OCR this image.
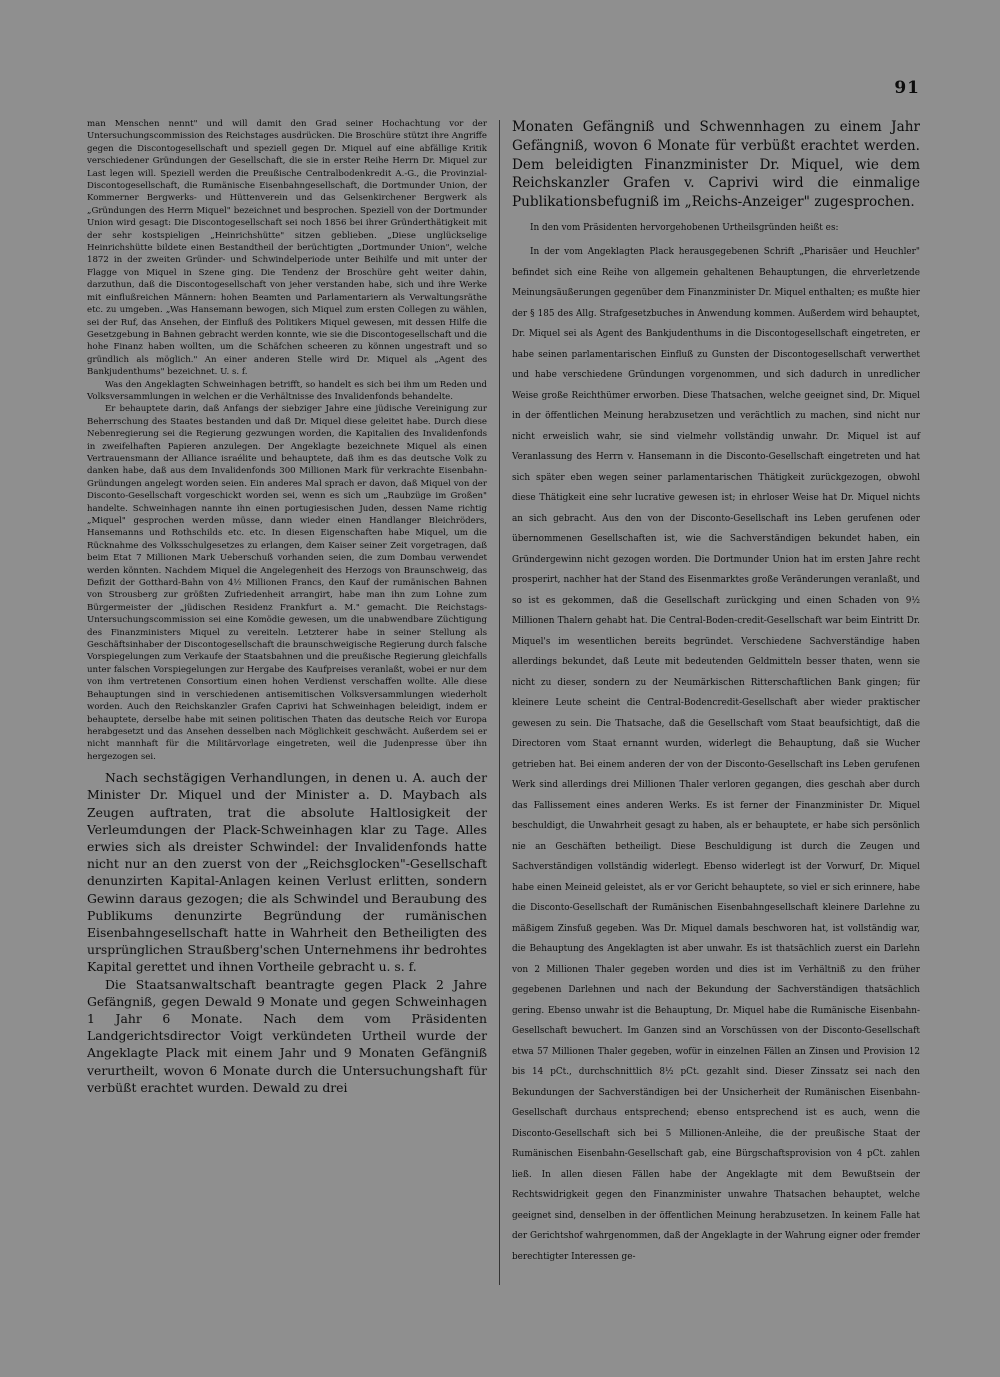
91

man Menschen nennt" und will damit den Grad seiner Hochachtung vor der Untersuchungscommission des Reichstages ausdrücken. Die Broschüre stützt ihre Angriffe gegen die Discontogesellschaft und speziell gegen Dr. Miquel auf eine abfällige Kritik verschiedener Gründungen der Gesellschaft, die sie in erster Reihe Herrn Dr. Miquel zur Last legen will. Speziell werden die Preußische Centralbodenkredit A.-G., die Provinzial-Discontogesellschaft, die Rumänische Eisenbahngesellschaft, die Dortmunder Union, der Kommerner Bergwerks- und Hüttenverein und das Gelsenkirchener Bergwerk als „Gründungen des Herrn Miquel" bezeichnet und besprochen. Speziell von der Dortmunder Union wird gesagt: Die Discontogesellschaft sei noch 1856 bei ihrer Gründerthätigkeit mit der sehr kostspieligen „Heinrichshütte" sitzen geblieben. „Diese unglückselige Heinrichshütte bildete einen Bestandtheil der berüchtigten „Dortmunder Union", welche 1872 in der zweiten Gründer- und Schwindelperiode unter Beihilfe und mit unter der Flagge von Miquel in Szene ging. Die Tendenz der Broschüre geht weiter dahin, darzuthun, daß die Discontogesellschaft von jeher verstanden habe, sich und ihre Werke mit einflußreichen Männern: hohen Beamten und Parlamentariern als Verwaltungsräthe etc. zu umgeben. „Was Hansemann bewogen, sich Miquel zum ersten Collegen zu wählen, sei der Ruf, das Ansehen, der Einfluß des Politikers Miquel gewesen, mit dessen Hilfe die Gesetzgebung in Bahnen gebracht werden konnte, wie sie die Discontogesellschaft und die hohe Finanz haben wollten, um die Schäfchen scheeren zu können ungestraft und so gründlich als möglich." An einer anderen Stelle wird Dr. Miquel als „Agent des Bankjudenthums" bezeichnet. U. s. f.

Was den Angeklagten Schweinhagen betrifft, so handelt es sich bei ihm um Reden und Volksversammlungen in welchen er die Verhältnisse des Invalidenfonds behandelte.

Er behauptete darin, daß Anfangs der siebziger Jahre eine jüdische Vereinigung zur Beherrschung des Staates bestanden und daß Dr. Miquel diese geleitet habe. Durch diese Nebenregierung sei die Regierung gezwungen worden, die Kapitalien des Invalidenfonds in zweifelhaften Papieren anzulegen. Der Angeklagte bezeichnete Miquel als einen Vertrauensmann der Alliance israélite und behauptete, daß ihm es das deutsche Volk zu danken habe, daß aus dem Invalidenfonds 300 Millionen Mark für verkrachte Eisenbahn-Gründungen angelegt worden seien. Ein anderes Mal sprach er davon, daß Miquel von der Disconto-Gesellschaft vorgeschickt worden sei, wenn es sich um „Raubzüge im Großen" handelte. Schweinhagen nannte ihn einen portugiesischen Juden, dessen Name richtig „Miquel" gesprochen werden müsse, dann wieder einen Handlanger Bleichröders, Hansemanns und Rothschilds etc. etc. In diesen Eigenschaften habe Miquel, um die Rücknahme des Volksschulgesetzes zu erlangen, dem Kaiser seiner Zeit vorgetragen, daß beim Etat 7 Millionen Mark Ueberschuß vorhanden seien, die zum Dombau verwendet werden könnten. Nachdem Miquel die Angelegenheit des Herzogs von Braunschweig, das Defizit der Gotthard-Bahn von 4½ Millionen Francs, den Kauf der rumänischen Bahnen von Strousberg zur größten Zufriedenheit arrangirt, habe man ihn zum Lohne zum Bürgermeister der „jüdischen Residenz Frankfurt a. M." gemacht. Die Reichstags-Untersuchungscommission sei eine Komödie gewesen, um die unabwendbare Züchtigung des Finanzministers Miquel zu vereiteln. Letzterer habe in seiner Stellung als Geschäftsinhaber der Discontogesellschaft die braunschweigische Regierung durch falsche Vorspiegelungen zum Verkaufe der Staatsbahnen und die preußische Regierung gleichfalls unter falschen Vorspiegelungen zur Hergabe des Kaufpreises veranlaßt, wobei er nur dem von ihm vertretenen Consortium einen hohen Verdienst verschaffen wollte. Alle diese Behauptungen sind in verschiedenen antisemitischen Volksversammlungen wiederholt worden. Auch den Reichskanzler Grafen Caprivi hat Schweinhagen beleidigt, indem er behauptete, derselbe habe mit seinen politischen Thaten das deutsche Reich vor Europa herabgesetzt und das Ansehen desselben nach Möglichkeit geschwächt. Außerdem sei er nicht mannhaft für die Militärvorlage eingetreten, weil die Judenpresse über ihn hergezogen sei.

Nach sechstägigen Verhandlungen, in denen u. A. auch der Minister Dr. Miquel und der Minister a. D. Maybach als Zeugen auftraten, trat die absolute Haltlosigkeit der Verleumdungen der Plack-Schweinhagen klar zu Tage. Alles erwies sich als dreister Schwindel: der Invalidenfonds hatte nicht nur an den zuerst von der „Reichsglocken"-Gesellschaft denunzirten Kapital-Anlagen keinen Verlust erlitten, sondern Gewinn daraus gezogen; die als Schwindel und Beraubung des Publikums denunzirte Begründung der rumänischen Eisenbahngesellschaft hatte in Wahrheit den Betheiligten des ursprünglichen Straußberg'schen Unternehmens ihr bedrohtes Kapital gerettet und ihnen Vortheile gebracht u. s. f.

Die Staatsanwaltschaft beantragte gegen Plack 2 Jahre Gefängniß, gegen Dewald 9 Monate und gegen Schweinhagen 1 Jahr 6 Monate. Nach dem vom Präsidenten Landgerichtsdirector Voigt verkündeten Urtheil wurde der Angeklagte Plack mit einem Jahr und 9 Monaten Gefängniß verurtheilt, wovon 6 Monate durch die Untersuchungshaft für verbüßt erachtet wurden. Dewald zu drei

Monaten Gefängniß und Schwennhagen zu einem Jahr Gefängniß, wovon 6 Monate für verbüßt erachtet werden. Dem beleidigten Finanzminister Dr. Miquel, wie dem Reichskanzler Grafen v. Caprivi wird die einmalige Publikationsbefugniß im „Reichs-Anzeiger" zugesprochen.

In den vom Präsidenten hervorgehobenen Urtheilsgründen heißt es:

In der vom Angeklagten Plack herausgegebenen Schrift „Pharisäer und Heuchler" befindet sich eine Reihe von allgemein gehaltenen Behauptungen, die ehrverletzende Meinungsäußerungen gegenüber dem Finanzminister Dr. Miquel enthalten; es mußte hier der § 185 des Allg. Strafgesetzbuches in Anwendung kommen. Außerdem wird behauptet, Dr. Miquel sei als Agent des Bankjudenthums in die Discontogesellschaft eingetreten, er habe seinen parlamentarischen Einfluß zu Gunsten der Discontogesellschaft verwerthet und habe verschiedene Gründungen vorgenommen, und sich dadurch in unredlicher Weise große Reichthümer erworben. Diese Thatsachen, welche geeignet sind, Dr. Miquel in der öffentlichen Meinung herabzusetzen und verächtlich zu machen, sind nicht nur nicht erweislich wahr, sie sind vielmehr vollständig unwahr. Dr. Miquel ist auf Veranlassung des Herrn v. Hansemann in die Disconto-Gesellschaft eingetreten und hat sich später eben wegen seiner parlamentarischen Thätigkeit zurückgezogen, obwohl diese Thätigkeit eine sehr lucrative gewesen ist; in ehrloser Weise hat Dr. Miquel nichts an sich gebracht. Aus den von der Disconto-Gesellschaft ins Leben gerufenen oder übernommenen Gesellschaften ist, wie die Sachverständigen bekundet haben, ein Gründergewinn nicht gezogen worden. Die Dortmunder Union hat im ersten Jahre recht prosperirt, nachher hat der Stand des Eisenmarktes große Veränderungen veranlaßt, und so ist es gekommen, daß die Gesellschaft zurückging und einen Schaden von 9½ Millionen Thalern gehabt hat. Die Central-Boden-credit-Gesellschaft war beim Eintritt Dr. Miquel's im wesentlichen bereits begründet. Verschiedene Sachverständige haben allerdings bekundet, daß Leute mit bedeutenden Geldmitteln besser thaten, wenn sie nicht zu dieser, sondern zu der Neumärkischen Ritterschaftlichen Bank gingen; für kleinere Leute scheint die Central-Bodencredit-Gesellschaft aber wieder praktischer gewesen zu sein. Die Thatsache, daß die Gesellschaft vom Staat beaufsichtigt, daß die Directoren vom Staat ernannt wurden, widerlegt die Behauptung, daß sie Wucher getrieben hat. Bei einem anderen der von der Disconto-Gesellschaft ins Leben gerufenen Werk sind allerdings drei Millionen Thaler verloren gegangen, dies geschah aber durch das Fallissement eines anderen Werks. Es ist ferner der Finanzminister Dr. Miquel beschuldigt, die Unwahrheit gesagt zu haben, als er behauptete, er habe sich persönlich nie an Geschäften betheiligt. Diese Beschuldigung ist durch die Zeugen und Sachverständigen vollständig widerlegt. Ebenso widerlegt ist der Vorwurf, Dr. Miquel habe einen Meineid geleistet, als er vor Gericht behauptete, so viel er sich erinnere, habe die Disconto-Gesellschaft der Rumänischen Eisenbahngesellschaft kleinere Darlehne zu mäßigem Zinsfuß gegeben. Was Dr. Miquel damals beschworen hat, ist vollständig war, die Behauptung des Angeklagten ist aber unwahr. Es ist thatsächlich zuerst ein Darlehn von 2 Millionen Thaler gegeben worden und dies ist im Verhältniß zu den früher gegebenen Darlehnen und nach der Bekundung der Sachverständigen thatsächlich gering. Ebenso unwahr ist die Behauptung, Dr. Miquel habe die Rumänische Eisenbahn-Gesellschaft bewuchert. Im Ganzen sind an Vorschüssen von der Disconto-Gesellschaft etwa 57 Millionen Thaler gegeben, wofür in einzelnen Fällen an Zinsen und Provision 12 bis 14 pCt., durchschnittlich 8½ pCt. gezahlt sind. Dieser Zinssatz sei nach den Bekundungen der Sachverständigen bei der Unsicherheit der Rumänischen Eisenbahn-Gesellschaft durchaus entsprechend; ebenso entsprechend ist es auch, wenn die Disconto-Gesellschaft sich bei 5 Millionen-Anleihe, die der preußische Staat der Rumänischen Eisenbahn-Gesellschaft gab, eine Bürgschaftsprovision von 4 pCt. zahlen ließ. In allen diesen Fällen habe der Angeklagte mit dem Bewußtsein der Rechtswidrigkeit gegen den Finanzminister unwahre Thatsachen behauptet, welche geeignet sind, denselben in der öffentlichen Meinung herabzusetzen. In keinem Falle hat der Gerichtshof wahrgenommen, daß der Angeklagte in der Wahrung eigner oder fremder berechtigter Interessen ge-
